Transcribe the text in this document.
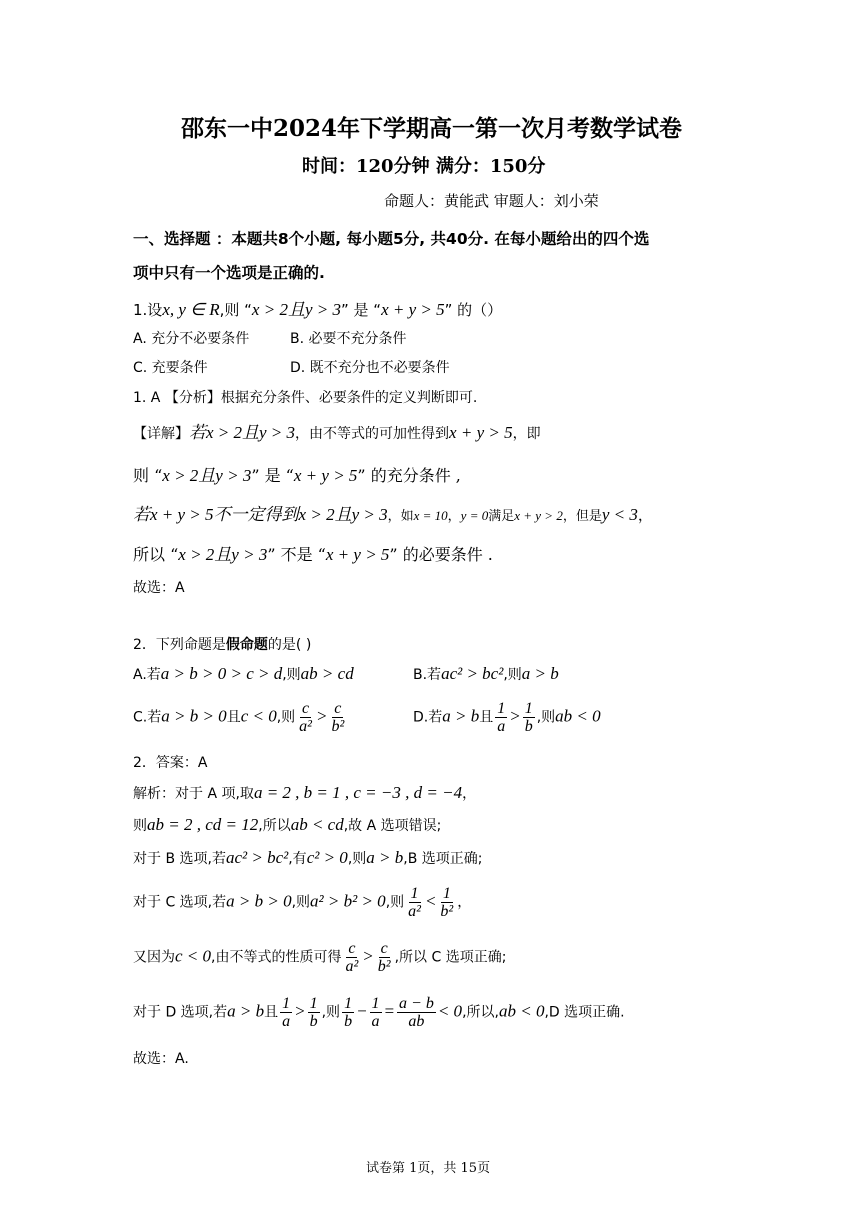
邵东一中2024年下学期高一第一次月考数学试卷
时间：120分钟 满分：150分
命题人：黄能武 审题人：刘小荣
一、选择题 ：本题共8个小题, 每小题5分, 共40分. 在每小题给出的四个选
项中只有一个选项是正确的.
1.设x, y ∈ R,则 “x > 2且y > 3” 是 “x + y > 5” 的（）
A. 充分不必要条件	B. 必要不充分条件
C. 充要条件	D. 既不充分也不必要条件
1. A 【分析】根据充分条件、必要条件的定义判断即可.
【详解】若x > 2且y > 3，由不等式的可加性得到x + y > 5，即
则 “x > 2且y > 3” 是 “x + y > 5” 的充分条件 ,
若x + y > 5不一定得到x > 2且y > 3，如x = 10，y = 0满足x + y > 2，但是y < 3，
所以 “x > 2且y > 3” 不是 “x + y > 5” 的必要条件 .
故选：A
2．下列命题是假命题的是( )
A.若a > b > 0 > c > d,则ab > cd	B.若ac² > bc²,则a > b
C.若a > b > 0且c < 0,则 $\frac{c}{\text{a²}} > \frac{c}{\text{b²}}$	D.若a > b且 $\frac{1}{a} > \frac{1}{b}$ ,则ab < 0
2．答案：A
解析：对于 A 项,取a = 2 , b = 1 , c = −3 , d = −4，
则ab = 2 , cd = 12,所以ab < cd,故 A 选项错误;
对于 B 选项,若ac² > bc²,有c² > 0,则a > b,B 选项正确;
对于 C 选项,若a > b > 0,则a² > b² > 0,则 $\frac{1}{\text{a²}} < \frac{1}{\text{b²}}$ ，
又因为c < 0,由不等式的性质可得 $\frac{c}{\text{a²}} > \frac{c}{\text{b²}}$ ,所以 C 选项正确;
对于 D 选项,若a > b且 $\frac{1}{a} > \frac{1}{b}$ ,则 $\frac{1}{b} - \frac{1}{a} = \frac{a - b}{ab} < 0$,所以,ab < 0,D 选项正确.
故选：A.
试卷第 1页，共 15页
